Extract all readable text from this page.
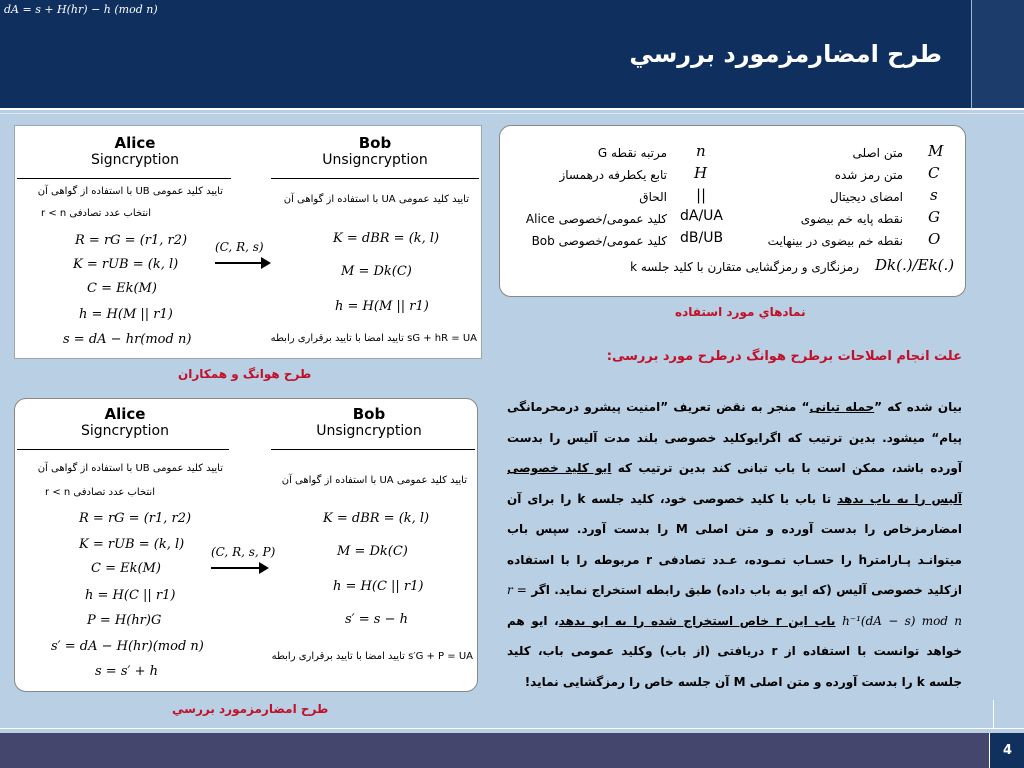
dA = s + H(hr) − h (mod n)
طرح امضارمزمورد بررسي
Alice
Signcryption
Bob
Unsigncryption
تایید کلید عمومی UB با استفاده از گواهی آن
انتخاب عدد تصادفی r < n
R = rG = (r1, r2)
K = rUB = (k, l)
C = Ek(M)
h = H(M || r1)
s = dA − hr(mod n)
(C, R, s)
تایید کلید عمومی UA با استفاده از گواهی آن
K = dBR = (k, l)
M = Dk(C)
h = H(M || r1)
sG + hR = UA تایید امضا با تایید برقراری رابطه
طرح هوانگ و همکاران
M
متن اصلی
n
مرتبه نقطه G
C
متن رمز شده
H
تابع یکطرفه درهمساز
s
امضای دیجیتال
||
الحاق
G
نقطه پایه خم بیضوی
dA/UA
کلید عمومی/خصوصی Alice
O
نقطه خم بیضوی در بینهایت
dB/UB
کلید عمومی/خصوصی Bob
Dk(.)/Ek(.)
رمزنگاری و رمزگشایی متقارن با کلید جلسه k
نمادهاي مورد استفاده
Alice
Signcryption
Bob
Unsigncryption
تایید کلید عمومی UB با استفاده از گواهی آن
انتخاب عدد تصادفی r < n
R = rG = (r1, r2)
K = rUB = (k, l)
C = Ek(M)
h = H(C || r1)
P = H(hr)G
s′ = dA − H(hr)(mod n)
s = s′ + h
(C, R, s, P)
تایید کلید عمومی UA با استفاده از گواهی آن
K = dBR = (k, l)
M = Dk(C)
h = H(C || r1)
s′ = s − h
s′G + P = UA تایید امضا با تایید برقراری رابطه
طرح امضارمزمورد بررسي
علت انجام اصلاحات برطرح هوانگ درطرح مورد بررسی:

بیان شده که ”حمله تبانی“ منجر به نقض تعریف ”امنیت پیشرو درمحرمانگی پیام“ میشود. بدین ترتیب که اگرایوکلید خصوصی بلند مدت آلیس را بدست آورده باشد، ممکن است با باب تبانی کند بدین ترتیب که ایو کلید خصوصی آلیس را به باب بدهد تا باب با کلید خصوصی خود، کلید جلسه k را برای آن امضارمزخاص را بدست آورده و متن اصلی M را بدست آورد. سپس باب میتوانـد پـارامترh را حسـاب نمـوده، عـدد تصادفی r مربوطه را با استفاده ازکلید خصوصی آلیس (که ایو به باب داده) طبق رابطه استخراج نماید. اگر r = h⁻¹(dA − s) mod n باب این r خاص استخراج شده را به ایو بدهد، ایو هم خواهد توانست با استفاده از r دریافتی (از باب) وکلید عمومی باب، کلید جلسه k را بدست آورده و متن اصلی M آن جلسه خاص را رمزگشایی نماید!

4
